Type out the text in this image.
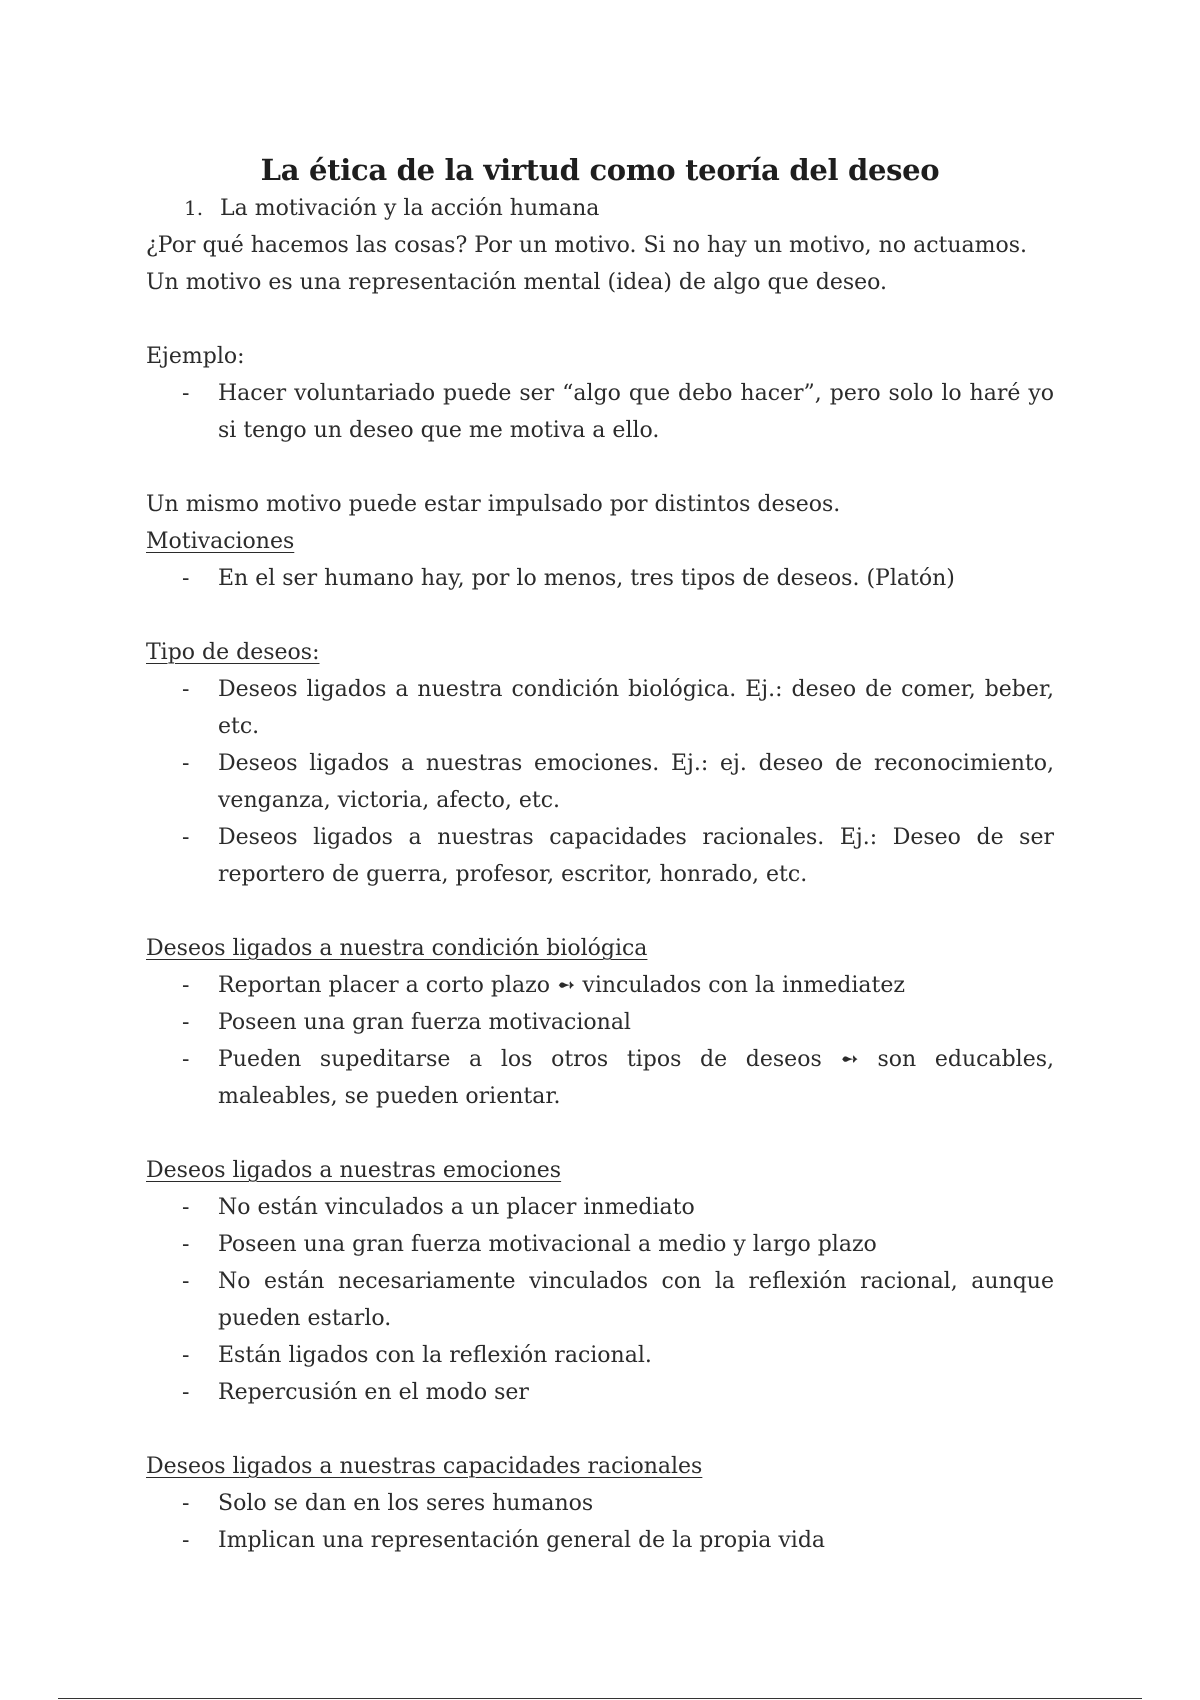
La ética de la virtud como teoría del deseo
1. La motivación y la acción humana

¿Por qué hacemos las cosas? Por un motivo. Si no hay un motivo, no actuamos.

Un motivo es una representación mental (idea) de algo que deseo.

Ejemplo:

-	Hacer voluntariado puede ser “algo que debo hacer”, pero solo lo haré yo si tengo un deseo que me motiva a ello.

Un mismo motivo puede estar impulsado por distintos deseos.

Motivaciones

-	En el ser humano hay, por lo menos, tres tipos de deseos. (Platón)

Tipo de deseos:

-	Deseos ligados a nuestra condición biológica. Ej.: deseo de comer, beber, etc.
-	Deseos ligados a nuestras emociones. Ej.: ej. deseo de reconocimiento, venganza, victoria, afecto, etc.
-	Deseos ligados a nuestras capacidades racionales. Ej.: Deseo de ser reportero de guerra, profesor, escritor, honrado, etc.

Deseos ligados a nuestra condición biológica

-	Reportan placer a corto plazo ➻ vinculados con la inmediatez
-	Poseen una gran fuerza motivacional
-	Pueden supeditarse a los otros tipos de deseos ➻ son educables, maleables, se pueden orientar.

Deseos ligados a nuestras emociones

-	No están vinculados a un placer inmediato
-	Poseen una gran fuerza motivacional a medio y largo plazo
-	No están necesariamente vinculados con la reflexión racional, aunque pueden estarlo.
-	Están ligados con la reflexión racional.
-	Repercusión en el modo ser

Deseos ligados a nuestras capacidades racionales

-	Solo se dan en los seres humanos
-	Implican una representación general de la propia vida
